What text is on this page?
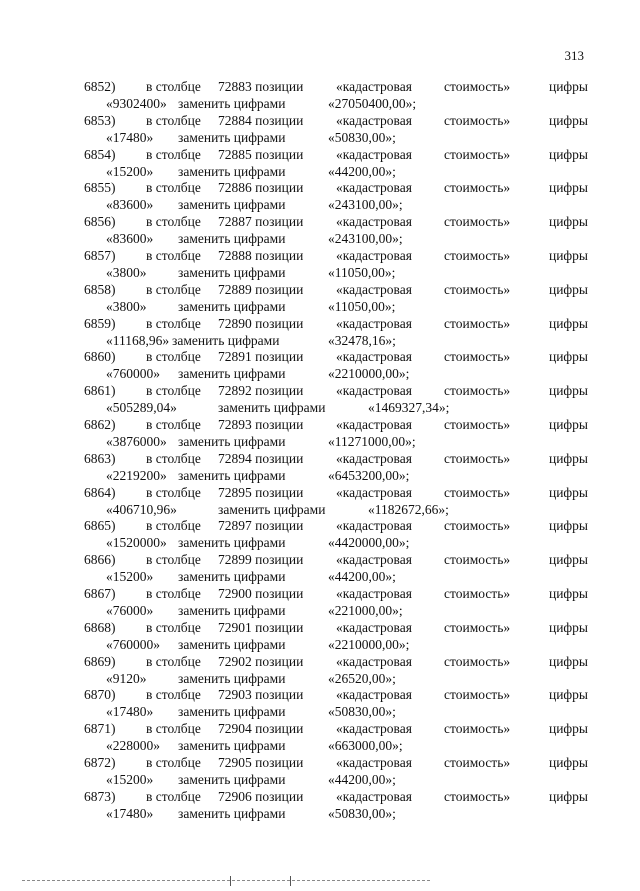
313
6852) в столбце 72883 позиции «кадастровая стоимость»	цифры
«9302400» заменить цифрами	«27050400,00»;
6853) в столбце 72884 позиции «кадастровая стоимость»	цифры
«17480» заменить цифрами	«50830,00»;
6854) в столбце 72885 позиции «кадастровая стоимость»	цифры
«15200» заменить цифрами	«44200,00»;
6855) в столбце 72886 позиции «кадастровая стоимость»	цифры
«83600» заменить цифрами	«243100,00»;
6856) в столбце 72887 позиции «кадастровая стоимость»	цифры
«83600» заменить цифрами	«243100,00»;
6857) в столбце 72888 позиции «кадастровая стоимость»	цифры
«3800» заменить цифрами	«11050,00»;
6858) в столбце 72889 позиции «кадастровая стоимость»	цифры
«3800» заменить цифрами	«11050,00»;
6859) в столбце 72890 позиции «кадастровая стоимость»	цифры
«11168,96» заменить цифрами	«32478,16»;
6860) в столбце 72891 позиции «кадастровая стоимость»	цифры
«760000» заменить цифрами	«2210000,00»;
6861) в столбце 72892 позиции «кадастровая стоимость»	цифры
«505289,04»	заменить цифрами	«1469327,34»;
6862) в столбце 72893 позиции «кадастровая стоимость»	цифры
«3876000» заменить цифрами	«11271000,00»;
6863) в столбце 72894 позиции «кадастровая стоимость»	цифры
«2219200» заменить цифрами	«6453200,00»;
6864) в столбце 72895 позиции «кадастровая стоимость»	цифры
«406710,96»	заменить цифрами	«1182672,66»;
6865) в столбце 72897 позиции «кадастровая стоимость»	цифры
«1520000» заменить цифрами	«4420000,00»;
6866) в столбце 72899 позиции «кадастровая стоимость»	цифры
«15200» заменить цифрами	«44200,00»;
6867) в столбце 72900 позиции «кадастровая стоимость»	цифры
«76000» заменить цифрами	«221000,00»;
6868) в столбце 72901 позиции «кадастровая стоимость»	цифры
«760000» заменить цифрами	«2210000,00»;
6869) в столбце 72902 позиции «кадастровая стоимость»	цифры
«9120» заменить цифрами	«26520,00»;
6870) в столбце 72903 позиции «кадастровая стоимость»	цифры
«17480» заменить цифрами	«50830,00»;
6871) в столбце 72904 позиции «кадастровая стоимость»	цифры
«228000» заменить цифрами	«663000,00»;
6872) в столбце 72905 позиции «кадастровая стоимость»	цифры
«15200» заменить цифрами	«44200,00»;
6873) в столбце 72906 позиции «кадастровая стоимость»	цифры
«17480» заменить цифрами	«50830,00»;
